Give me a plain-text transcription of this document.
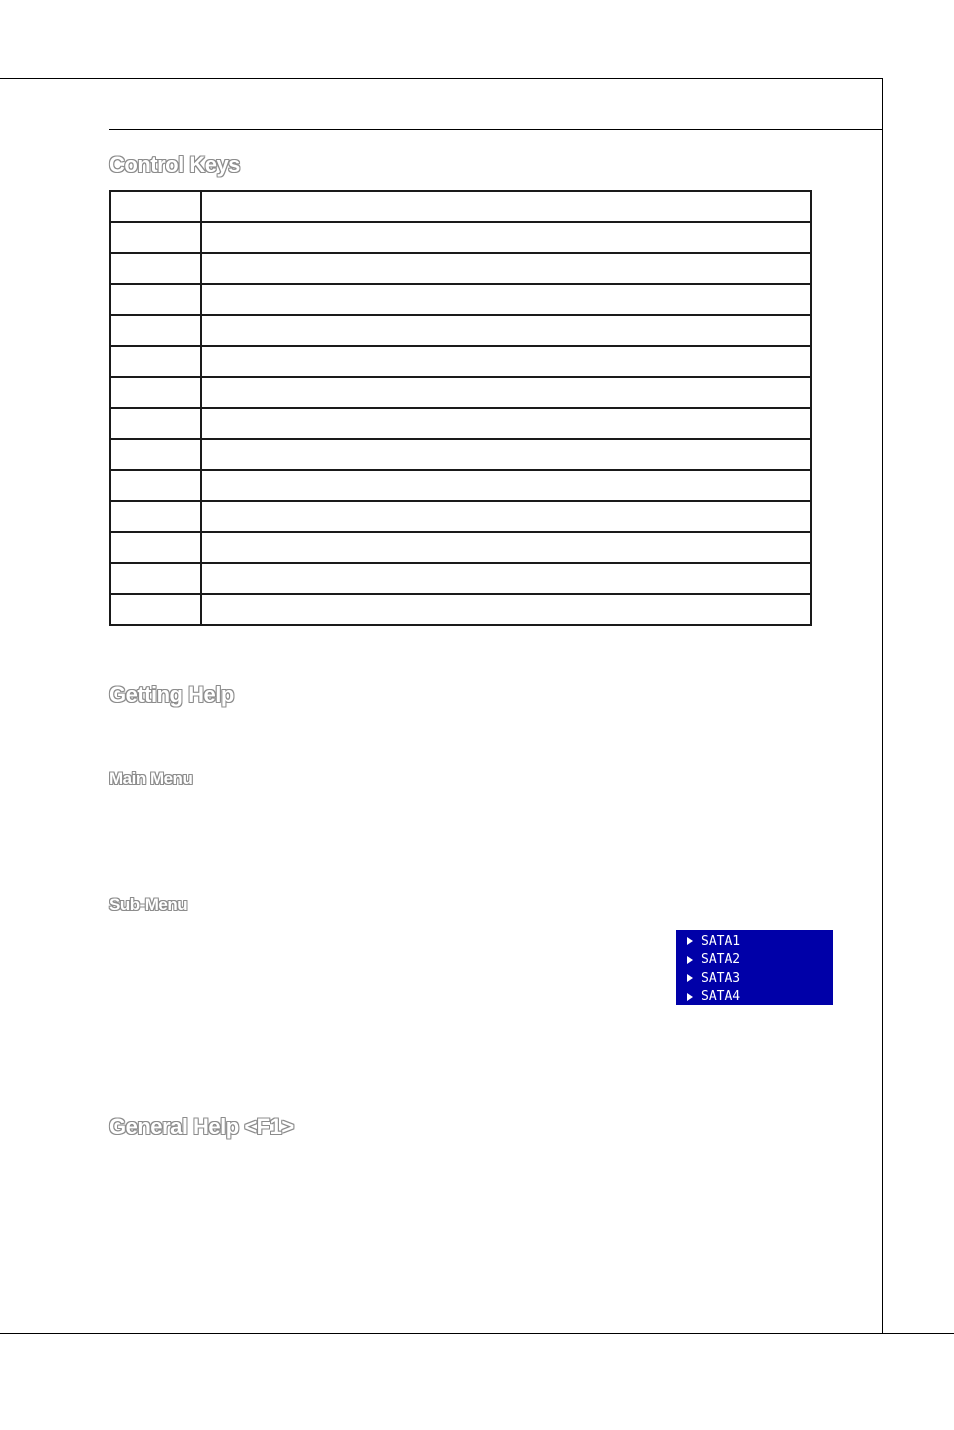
Control Keys

Getting Help
Main Menu
Sub-Menu
SATA1
SATA2
SATA3
SATA4
General Help <F1>
